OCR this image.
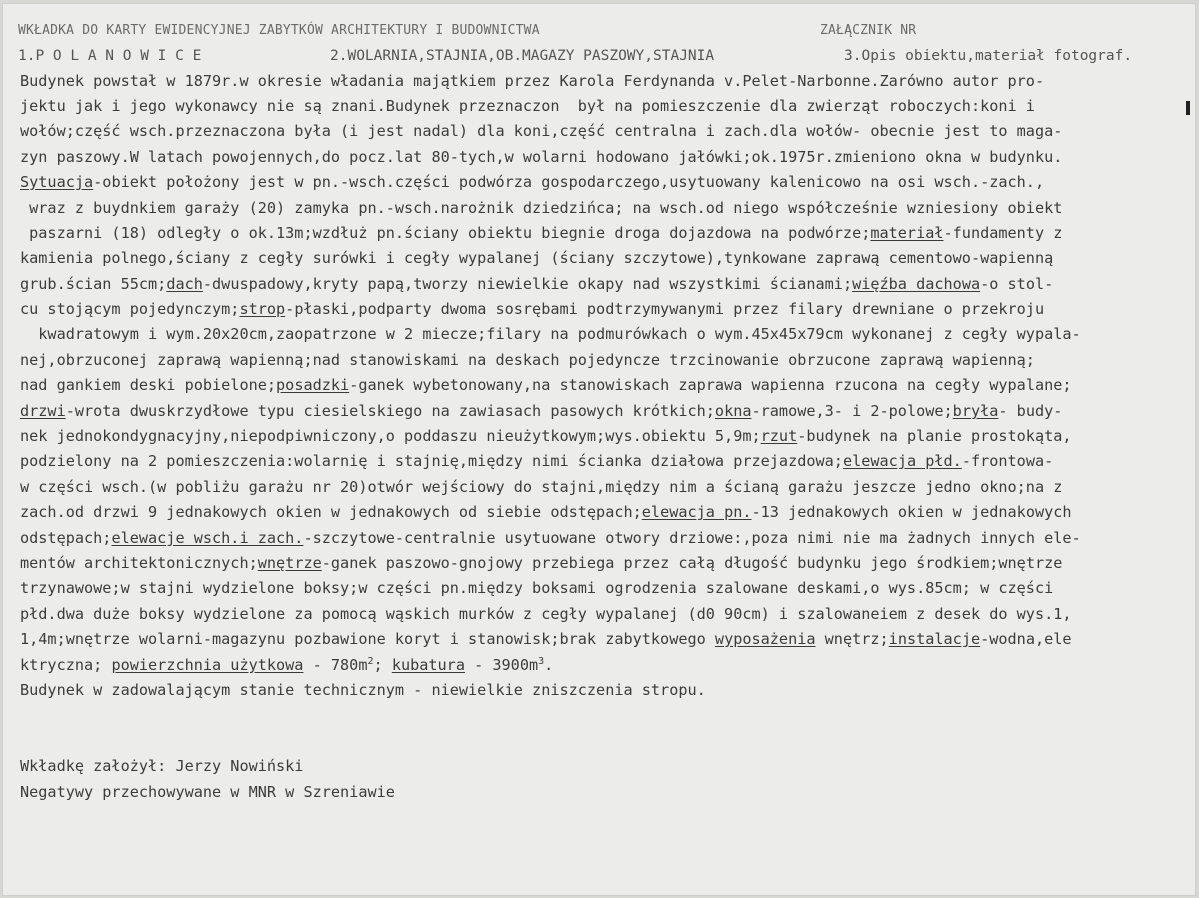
WKŁADKA DO KARTY EWIDENCYJNEJ ZABYTKÓW ARCHITEKTURY I BUDOWNICTWA	ZAŁĄCZNIK NR
1.P O L A N O W I C E	2.WOLARNIA,STAJNIA,OB.MAGAZY PASZOWY,STAJNIA	3.Opis obiektu,materiał fotograf.
Budynek powstał w 1879r.w okresie władania majątkiem przez Karola Ferdynanda v.Pelet-Narbonne.Zarówno autor pro-
jektu jak i jego wykonawcy nie są znani.Budynek przeznaczon  był na pomieszczenie dla zwierząt roboczych:koni i
wołów;część wsch.przeznaczona była (i jest nadal) dla koni,część centralna i zach.dla wołów- obecnie jest to maga-
zyn paszowy.W latach powojennych,do pocz.lat 80-tych,w wolarni hodowano jałówki;ok.1975r.zmieniono okna w budynku.
Sytuacja-obiekt położony jest w pn.-wsch.części podwórza gospodarczego,usytuowany kalenicowo na osi wsch.-zach.,
wraz z buydnkiem garaży (20) zamyka pn.-wsch.narożnik dziedzińca; na wsch.od niego współcześnie wzniesiony obiekt
paszarni (18) odległy o ok.13m;wzdłuż pn.ściany obiektu biegnie droga dojazdowa na podwórze;materiał-fundamenty z
kamienia polnego,ściany z cegły surówki i cegły wypalanej (ściany szczytowe),tynkowane zaprawą cementowo-wapienną
grub.ścian 55cm;dach-dwuspadowy,kryty papą,tworzy niewielkie okapy nad wszystkimi ścianami;więźba dachowa-o stol-
cu stojącym pojedynczym;strop-płaski,podparty dwoma sosrębami podtrzymywanymi przez filary drewniane o przekroju
kwadratowym i wym.20x20cm,zaopatrzone w 2 miecze;filary na podmurówkach o wym.45x45x79cm wykonanej z cegły wypala-
nej,obrzuconej zaprawą wapienną;nad stanowiskami na deskach pojedyncze trzcinowanie obrzucone zaprawą wapienną;
nad gankiem deski pobielone;posadzki-ganek wybetonowany,na stanowiskach zaprawa wapienna rzucona na cegły wypalane;
drzwi-wrota dwuskrzydłowe typu ciesielskiego na zawiasach pasowych krótkich;okna-ramowe,3- i 2-polowe;bryła- budy-
nek jednokondygnacyjny,niepodpiwniczony,o poddaszu nieużytkowym;wys.obiektu 5,9m;rzut-budynek na planie prostokąta,
podzielony na 2 pomieszczenia:wolarnię i stajnię,między nimi ścianka działowa przejazdowa;elewacja płd.-frontowa-
w części wsch.(w pobliżu garażu nr 20)otwór wejściowy do stajni,między nim a ścianą garażu jeszcze jedno okno;na z
zach.od drzwi 9 jednakowych okien w jednakowych od siebie odstępach;elewacja pn.-13 jednakowych okien w jednakowych
odstępach;elewacje wsch.i zach.-szczytowe-centralnie usytuowane otwory drziowe:,poza nimi nie ma żadnych innych ele-
mentów architektonicznych;wnętrze-ganek paszowo-gnojowy przebiega przez całą długość budynku jego środkiem;wnętrze
trzynawowe;w stajni wydzielone boksy;w części pn.między boksami ogrodzenia szalowane deskami,o wys.85cm; w części
płd.dwa duże boksy wydzielone za pomocą wąskich murków z cegły wypalanej (d0 90cm) i szalowaneiem z desek do wys.1,
1,4m;wnętrze wolarni-magazynu pozbawione koryt i stanowisk;brak zabytkowego wyposażenia wnętrz;instalacje-wodna,ele
ktryczna; powierzchnia użytkowa - $780m^2$; kubatura - $3900m^3$.
Budynek w zadowalającym stanie technicznym - niewielkie zniszczenia stropu.
Wkładkę założył: Jerzy Nowiński
Negatywy przechowywane w MNR w Szreniawie
